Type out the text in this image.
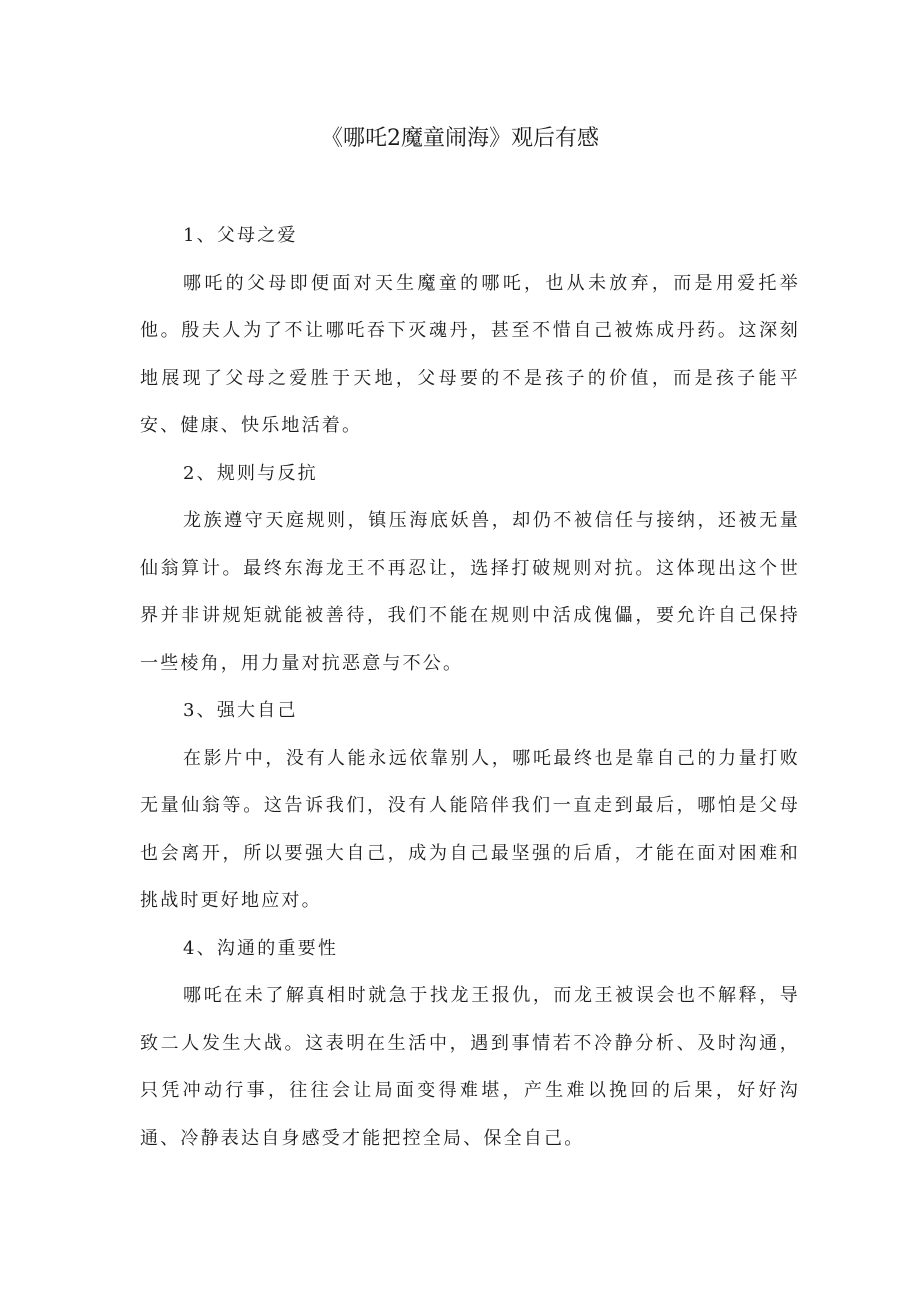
《哪吒2魔童闹海》观后有感

1、父母之爱

哪吒的父母即便面对天生魔童的哪吒，也从未放弃，而是用爱托举他。殷夫人为了不让哪吒吞下灭魂丹，甚至不惜自己被炼成丹药。这深刻地展现了父母之爱胜于天地，父母要的不是孩子的价值，而是孩子能平安、健康、快乐地活着。

2、规则与反抗

龙族遵守天庭规则，镇压海底妖兽，却仍不被信任与接纳，还被无量仙翁算计。最终东海龙王不再忍让，选择打破规则对抗。这体现出这个世界并非讲规矩就能被善待，我们不能在规则中活成傀儡，要允许自己保持一些棱角，用力量对抗恶意与不公。

3、强大自己

在影片中，没有人能永远依靠别人，哪吒最终也是靠自己的力量打败无量仙翁等。这告诉我们，没有人能陪伴我们一直走到最后，哪怕是父母也会离开，所以要强大自己，成为自己最坚强的后盾，才能在面对困难和挑战时更好地应对。

4、沟通的重要性

哪吒在未了解真相时就急于找龙王报仇，而龙王被误会也不解释，导致二人发生大战。这表明在生活中，遇到事情若不冷静分析、及时沟通，只凭冲动行事，往往会让局面变得难堪，产生难以挽回的后果，好好沟通、冷静表达自身感受才能把控全局、保全自己。
